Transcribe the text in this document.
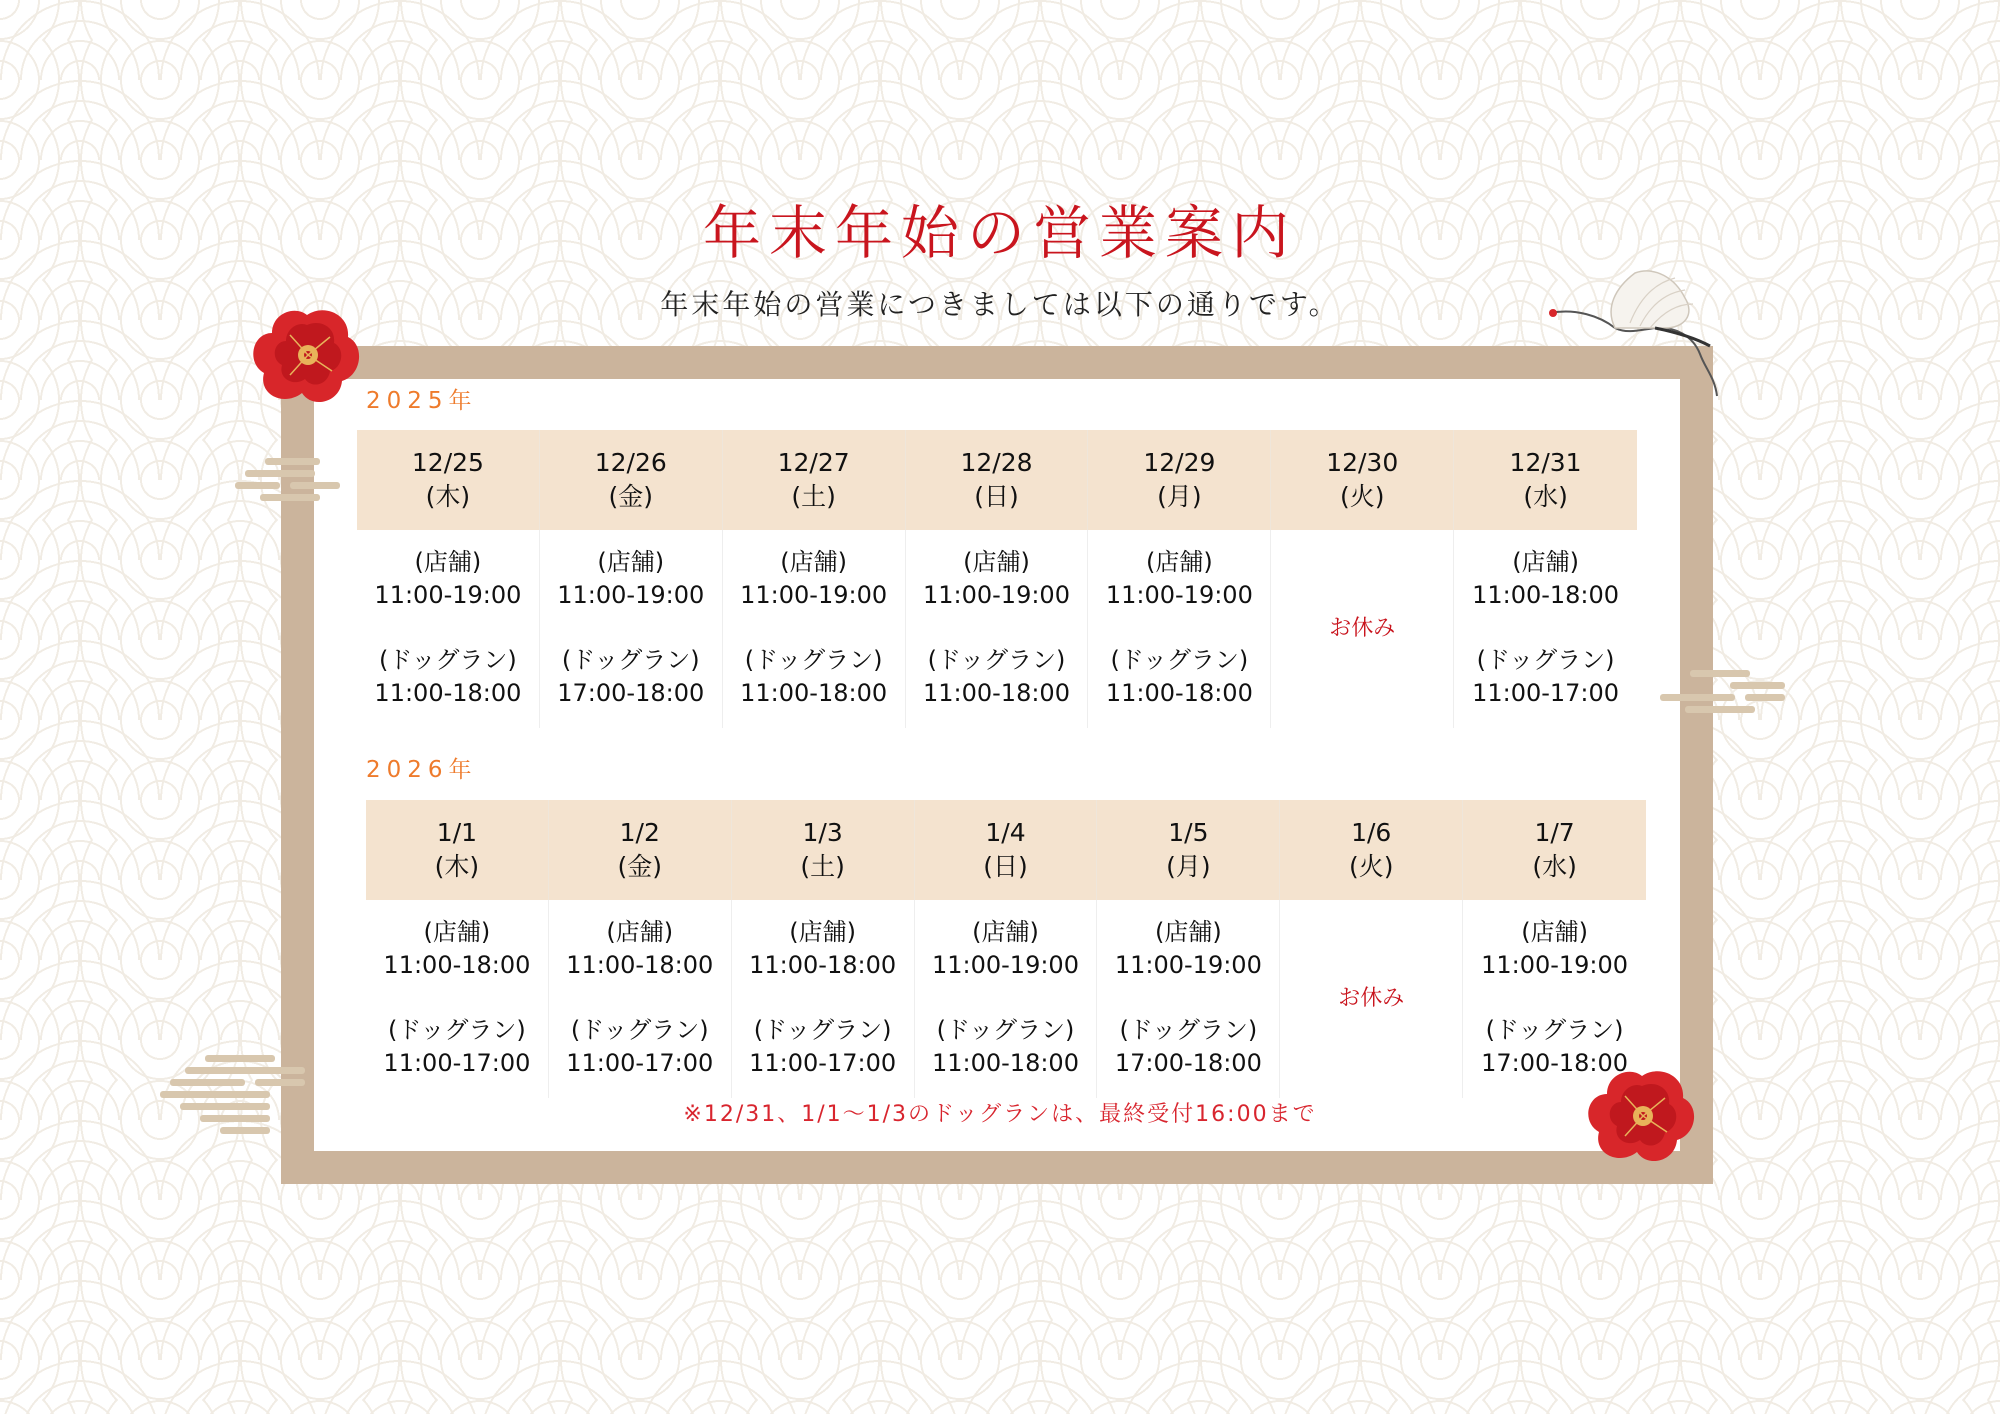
年末年始の営業案内
年末年始の営業につきましては以下の通りです。
2025年
12/25
(木)
12/26
(金)
12/27
(土)
12/28
(日)
12/29
(月)
12/30
(火)
12/31
(水)
(店舗)
11:00-19:00
(ドッグラン)
11:00-18:00
(店舗)
11:00-19:00
(ドッグラン)
17:00-18:00
(店舗)
11:00-19:00
(ドッグラン)
11:00-18:00
(店舗)
11:00-19:00
(ドッグラン)
11:00-18:00
(店舗)
11:00-19:00
(ドッグラン)
11:00-18:00
お休み
(店舗)
11:00-18:00
(ドッグラン)
11:00-17:00
2026年
1/1
(木)
1/2
(金)
1/3
(土)
1/4
(日)
1/5
(月)
1/6
(火)
1/7
(水)
(店舗)
11:00-18:00
(ドッグラン)
11:00-17:00
(店舗)
11:00-18:00
(ドッグラン)
11:00-17:00
(店舗)
11:00-18:00
(ドッグラン)
11:00-17:00
(店舗)
11:00-19:00
(ドッグラン)
11:00-18:00
(店舗)
11:00-19:00
(ドッグラン)
17:00-18:00
お休み
(店舗)
11:00-19:00
(ドッグラン)
17:00-18:00
※12/31、1/1〜1/3のドッグランは、最終受付16:00まで
